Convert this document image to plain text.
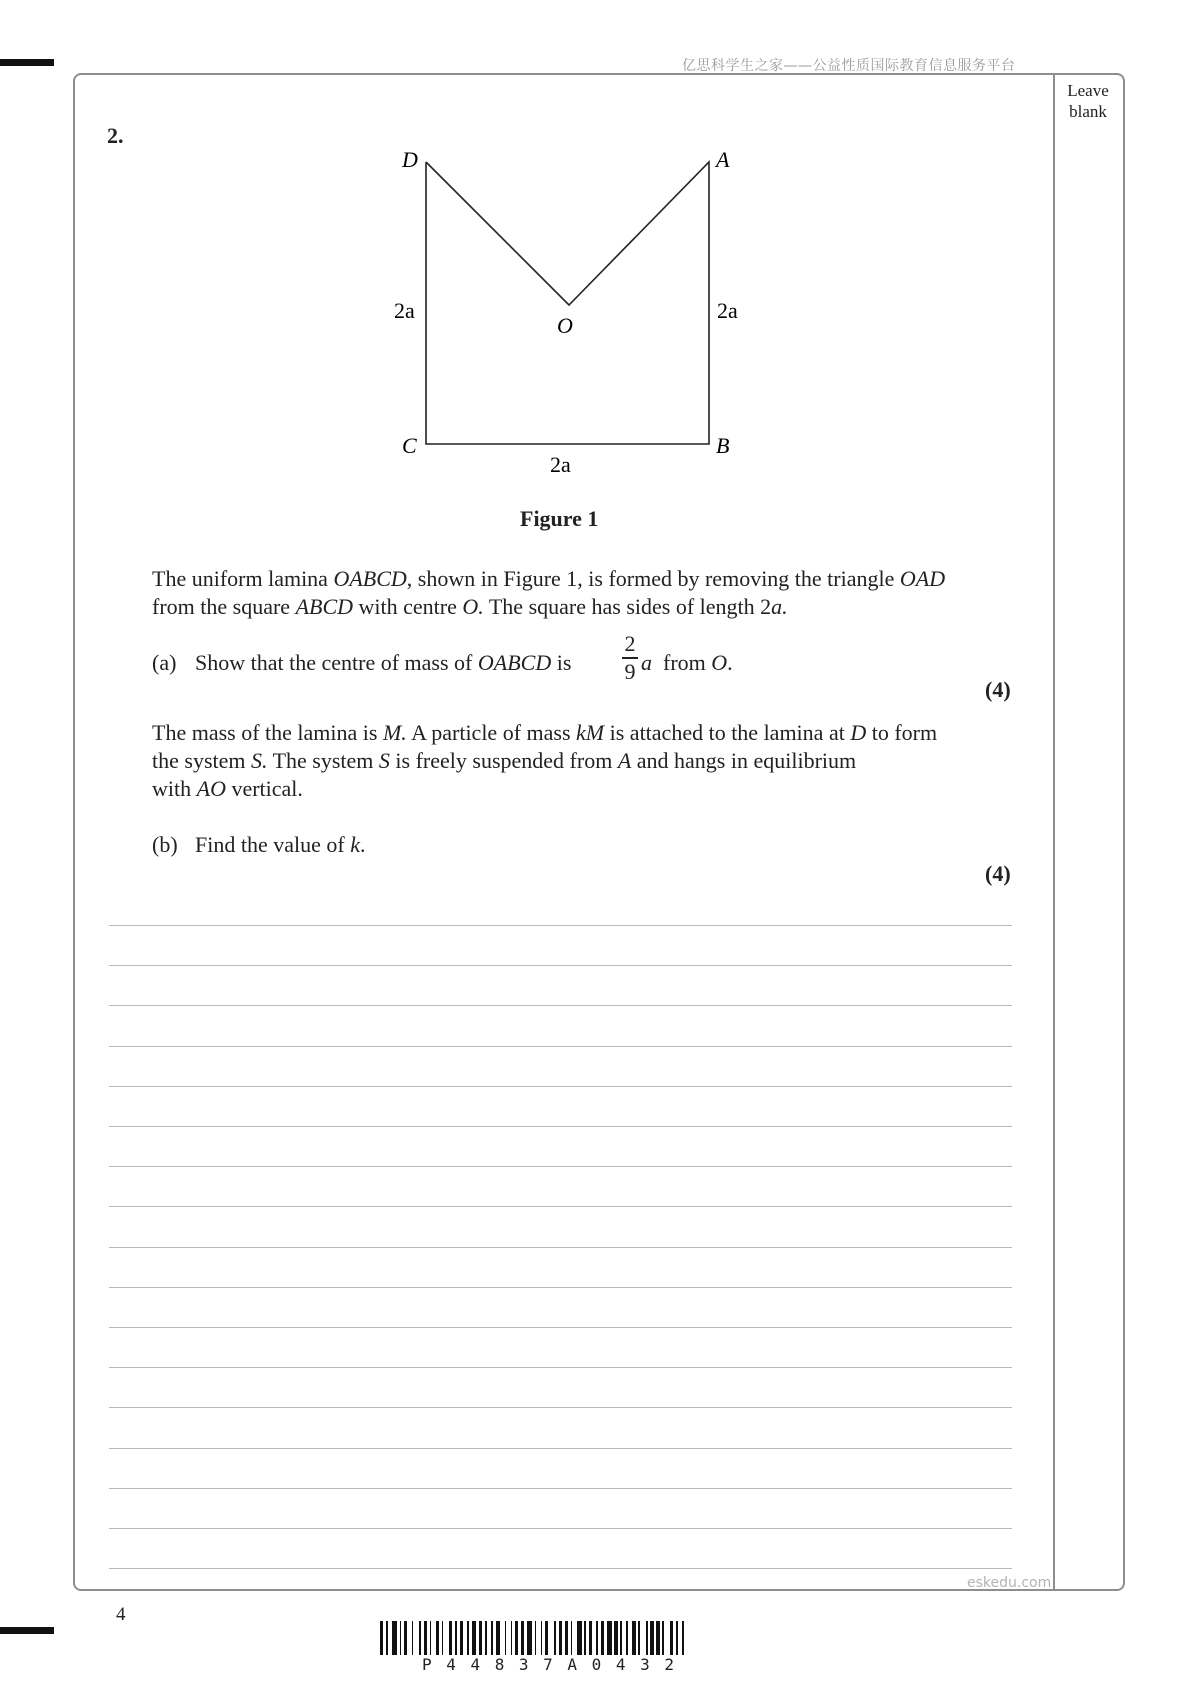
亿思科学生之家——公益性质国际教育信息服务平台
Leave blank
2.
D	A
O
C	B
2a	2a
2a
Figure 1
The uniform lamina OABCD, shown in Figure 1, is formed by removing the triangle OAD
from the square ABCD with centre O. The square has sides of length 2a.
(a) Show that the centre of mass of OABCD is
2
9 a from O.
(4)
The mass of the lamina is M. A particle of mass kM is attached to the lamina at D to form
the system S. The system S is freely suspended from A and hangs in equilibrium
with AO vertical.
(b) Find the value of k.
(4)
eskedu.com
4
P44837A0432
